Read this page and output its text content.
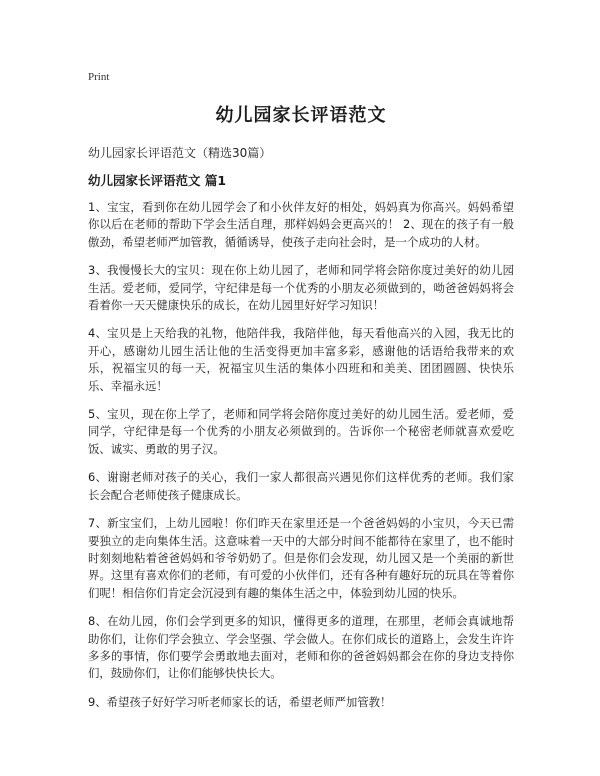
Print
幼儿园家长评语范文
幼儿园家长评语范文（精选30篇）
幼儿园家长评语范文 篇1

1、宝宝，看到你在幼儿园学会了和小伙伴友好的相处，妈妈真为你高兴。妈妈希望你以后在老师的帮助下学会生活自理，那样妈妈会更高兴的！ 2、现在的孩子有一般傲劲，希望老师严加管教，循循诱导，使孩子走向社会时，是一个成功的人材。

3、我慢慢长大的宝贝：现在你上幼儿园了，老师和同学将会陪你度过美好的幼儿园生活。爱老师，爱同学，守纪律是每一个优秀的小朋友必须做到的，呦爸爸妈妈将会看着你一天天健康快乐的成长，在幼儿园里好好学习知识！

4、宝贝是上天给我的礼物，他陪伴我，我陪伴他，每天看他高兴的入园，我无比的开心，感谢幼儿园生活让他的生活变得更加丰富多彩，感谢他的话语给我带来的欢乐，祝福宝贝的每一天，祝福宝贝生活的集体小四班和和美美、团团圆圆、快快乐乐、幸福永远！

5、宝贝，现在你上学了，老师和同学将会陪你度过美好的幼儿园生活。爱老师，爱同学，守纪律是每一个优秀的小朋友必须做到的。告诉你一个秘密老师就喜欢爱吃饭、诚实、勇敢的男子汉。

6、谢谢老师对孩子的关心，我们一家人都很高兴遇见你们这样优秀的老师。我们家长会配合老师使孩子健康成长。

7、新宝宝们，上幼儿园啦！你们昨天在家里还是一个爸爸妈妈的小宝贝，今天已需要独立的走向集体生活。这意味着一天中的大部分时间不能都待在家里了，也不能时时刻刻地粘着爸爸妈妈和爷爷奶奶了。但是你们会发现，幼儿园又是一个美丽的新世界。这里有喜欢你们的老师，有可爱的小伙伴们，还有各种有趣好玩的玩具在等着你们呢！相信你们肯定会沉浸到有趣的集体生活之中，体验到幼儿园的快乐。

8、在幼儿园，你们会学到更多的知识，懂得更多的道理，在那里，老师会真诚地帮助你们，让你们学会独立、学会坚强、学会做人。在你们成长的道路上，会发生许许多多的事情，你们要学会勇敢地去面对，老师和你的爸爸妈妈都会在你的身边支持你们，鼓励你们，让你们能够快快长大。

9、希望孩子好好学习听老师家长的话，希望老师严加管教！
